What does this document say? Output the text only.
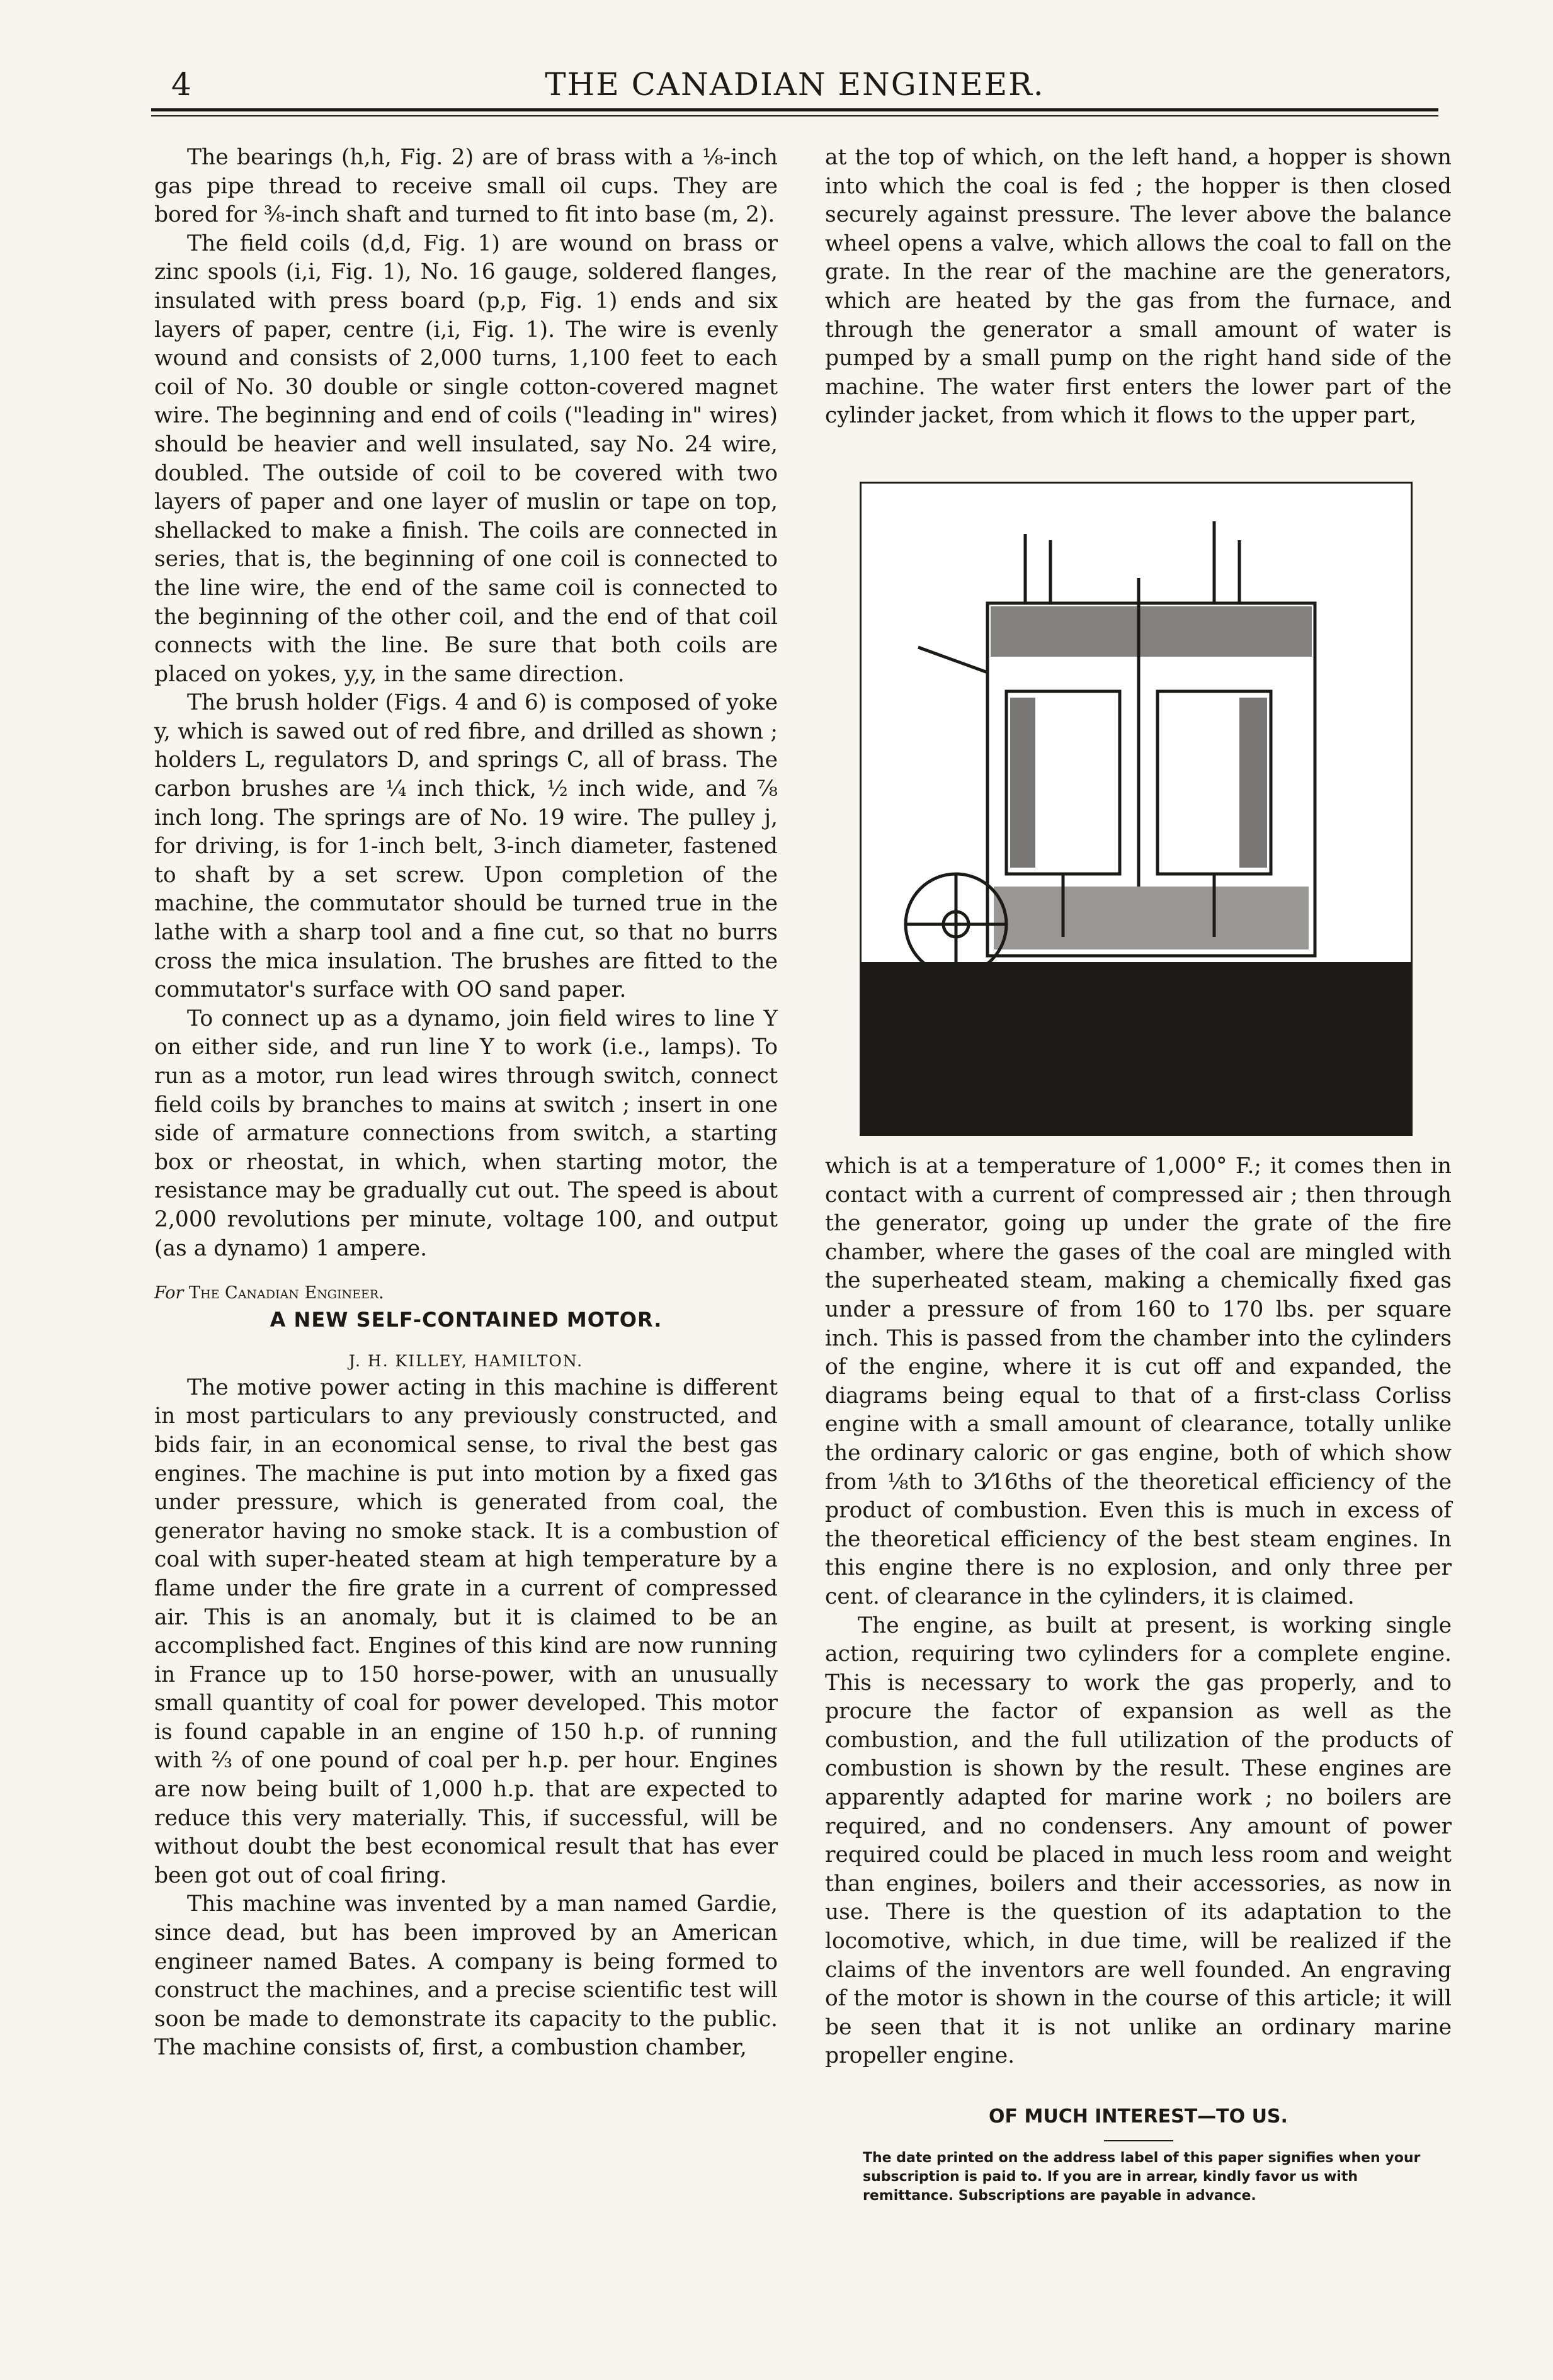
4	THE CANADIAN ENGINEER.

The bearings (h,h, Fig. 2) are of brass with a ⅛-inch gas pipe thread to receive small oil cups. They are bored for ⅜-inch shaft and turned to fit into base (m, 2).

The field coils (d,d, Fig. 1) are wound on brass or zinc spools (i,i, Fig. 1), No. 16 gauge, soldered flanges, insulated with press board (p,p, Fig. 1) ends and six layers of paper, centre (i,i, Fig. 1). The wire is evenly wound and consists of 2,000 turns, 1,100 feet to each coil of No. 30 double or single cotton-covered magnet wire. The beginning and end of coils ("leading in" wires) should be heavier and well insulated, say No. 24 wire, doubled. The outside of coil to be covered with two layers of paper and one layer of muslin or tape on top, shellacked to make a finish. The coils are connected in series, that is, the beginning of one coil is connected to the line wire, the end of the same coil is connected to the beginning of the other coil, and the end of that coil connects with the line. Be sure that both coils are placed on yokes, y,y, in the same direction.

The brush holder (Figs. 4 and 6) is composed of yoke y, which is sawed out of red fibre, and drilled as shown ; holders L, regulators D, and springs C, all of brass. The carbon brushes are ¼ inch thick, ½ inch wide, and ⅞ inch long. The springs are of No. 19 wire. The pulley j, for driving, is for 1-inch belt, 3-inch diameter, fastened to shaft by a set screw. Upon completion of the machine, the commutator should be turned true in the lathe with a sharp tool and a fine cut, so that no burrs cross the mica insulation. The brushes are fitted to the commutator's surface with OO sand paper.

To connect up as a dynamo, join field wires to line Y on either side, and run line Y to work (i.e., lamps). To run as a motor, run lead wires through switch, connect field coils by branches to mains at switch ; insert in one side of armature connections from switch, a starting box or rheostat, in which, when starting motor, the resistance may be gradually cut out. The speed is about 2,000 revolutions per minute, voltage 100, and output (as a dynamo) 1 ampere.

For The Canadian Engineer.
A NEW SELF-CONTAINED MOTOR.
J. H. KILLEY, HAMILTON.

The motive power acting in this machine is different in most particulars to any previously constructed, and bids fair, in an economical sense, to rival the best gas engines. The machine is put into motion by a fixed gas under pressure, which is generated from coal, the generator having no smoke stack. It is a combustion of coal with super-heated steam at high temperature by a flame under the fire grate in a current of compressed air. This is an anomaly, but it is claimed to be an accomplished fact. Engines of this kind are now running in France up to 150 horse-power, with an unusually small quantity of coal for power developed. This motor is found capable in an engine of 150 h.p. of running with ⅔ of one pound of coal per h.p. per hour. Engines are now being built of 1,000 h.p. that are expected to reduce this very materially. This, if successful, will be without doubt the best economical result that has ever been got out of coal firing.

This machine was invented by a man named Gardie, since dead, but has been improved by an American engineer named Bates. A company is being formed to construct the machines, and a precise scientific test will soon be made to demonstrate its capacity to the public. The machine consists of, first, a combustion chamber,

at the top of which, on the left hand, a hopper is shown into which the coal is fed ; the hopper is then closed securely against pressure. The lever above the balance wheel opens a valve, which allows the coal to fall on the grate. In the rear of the machine are the generators, which are heated by the gas from the furnace, and through the generator a small amount of water is pumped by a small pump on the right hand side of the machine. The water first enters the lower part of the cylinder jacket, from which it flows to the upper part,

which is at a temperature of 1,000° F.; it comes then in contact with a current of compressed air ; then through the generator, going up under the grate of the fire chamber, where the gases of the coal are mingled with the superheated steam, making a chemically fixed gas under a pressure of from 160 to 170 lbs. per square inch. This is passed from the chamber into the cylinders of the engine, where it is cut off and expanded, the diagrams being equal to that of a first-class Corliss engine with a small amount of clearance, totally unlike the ordinary caloric or gas engine, both of which show from ⅛th to 3⁄16ths of the theoretical efficiency of the product of combustion. Even this is much in excess of the theoretical efficiency of the best steam engines. In this engine there is no explosion, and only three per cent. of clearance in the cylinders, it is claimed.

The engine, as built at present, is working single action, requiring two cylinders for a complete engine. This is necessary to work the gas properly, and to procure the factor of expansion as well as the combustion, and the full utilization of the products of combustion is shown by the result. These engines are apparently adapted for marine work ; no boilers are required, and no condensers. Any amount of power required could be placed in much less room and weight than engines, boilers and their accessories, as now in use. There is the question of its adaptation to the locomotive, which, in due time, will be realized if the claims of the inventors are well founded. An engraving of the motor is shown in the course of this article; it will be seen that it is not unlike an ordinary marine propeller engine.

OF MUCH INTEREST—TO US.
The date printed on the address label of this paper signifies when your subscription is paid to. If you are in arrear, kindly favor us with remittance. Subscriptions are payable in advance.
